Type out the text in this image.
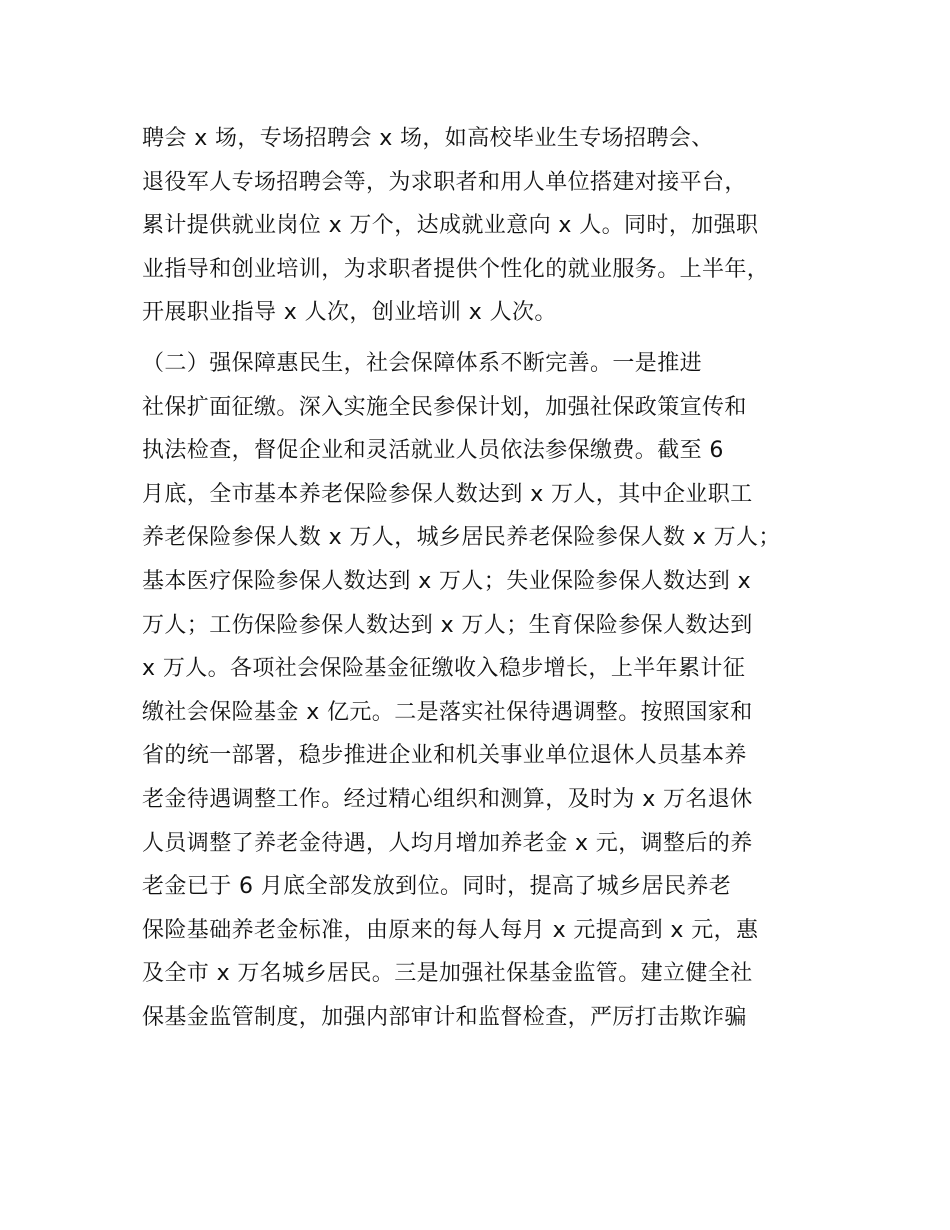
聘会 x 场，专场招聘会 x 场，如高校毕业生专场招聘会、
退役军人专场招聘会等，为求职者和用人单位搭建对接平台，
累计提供就业岗位 x 万个，达成就业意向 x 人。同时，加强职
业指导和创业培训，为求职者提供个性化的就业服务。上半年，
开展职业指导 x 人次，创业培训 x 人次。
（二）强保障惠民生，社会保障体系不断完善。一是推进
社保扩面征缴。深入实施全民参保计划，加强社保政策宣传和
执法检查，督促企业和灵活就业人员依法参保缴费。截至 6
月底，全市基本养老保险参保人数达到 x 万人，其中企业职工
养老保险参保人数 x 万人，城乡居民养老保险参保人数 x 万人；
基本医疗保险参保人数达到 x 万人；失业保险参保人数达到 x
万人；工伤保险参保人数达到 x 万人；生育保险参保人数达到
x 万人。各项社会保险基金征缴收入稳步增长，上半年累计征
缴社会保险基金 x 亿元。二是落实社保待遇调整。按照国家和
省的统一部署，稳步推进企业和机关事业单位退休人员基本养
老金待遇调整工作。经过精心组织和测算，及时为 x 万名退休
人员调整了养老金待遇，人均月增加养老金 x 元，调整后的养
老金已于 6 月底全部发放到位。同时，提高了城乡居民养老
保险基础养老金标准，由原来的每人每月 x 元提高到 x 元，惠
及全市 x 万名城乡居民。三是加强社保基金监管。建立健全社
保基金监管制度，加强内部审计和监督检查，严厉打击欺诈骗
